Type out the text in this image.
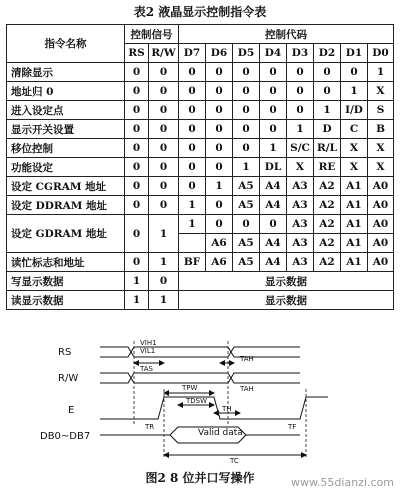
表2 液晶显示控制指令表
指令名称	控制信号		控制代码							
	RS	R/W	D7	D6	D5	D4	D3	D2	D1	D0
清除显示	0	0	0	0	0	0	0	0	0	1
地址归 0	0	0	0	0	0	0	0	0	1	X
进入设定点	0	0	0	0	0	0	0	1	I/D	S
显示开关设置	0	0	0	0	0	0	1	D	C	B
移位控制	0	0	0	0	0	1	S/C	R/L	X	X
功能设定	0	0	0	0	1	DL	X	RE	X	X
设定 CGRAM 地址	0	0	0	1	A5	A4	A3	A2	A1	A0
设定 DDRAM 地址	0	0	1	0	A5	A4	A3	A2	A1	A0
设定 GDRAM 地址	0	1	1	0	0	0	A3	A2	A1	A0
				A6	A5	A4	A3	A2	A1	A0
读忙标志和地址	0	1	BF	A6	A5	A4	A3	A2	A1	A0
写显示数据	1	0	显示数据							
读显示数据	1	1	显示数据							
RS
R/W
E
DB0~DB7
VIH1
VIL1
TAS
TAH
TPW
TDSW
TH
TR	TF
TC
Valid data
TAH
图2 8 位并口写操作	www.55dianzi.com
